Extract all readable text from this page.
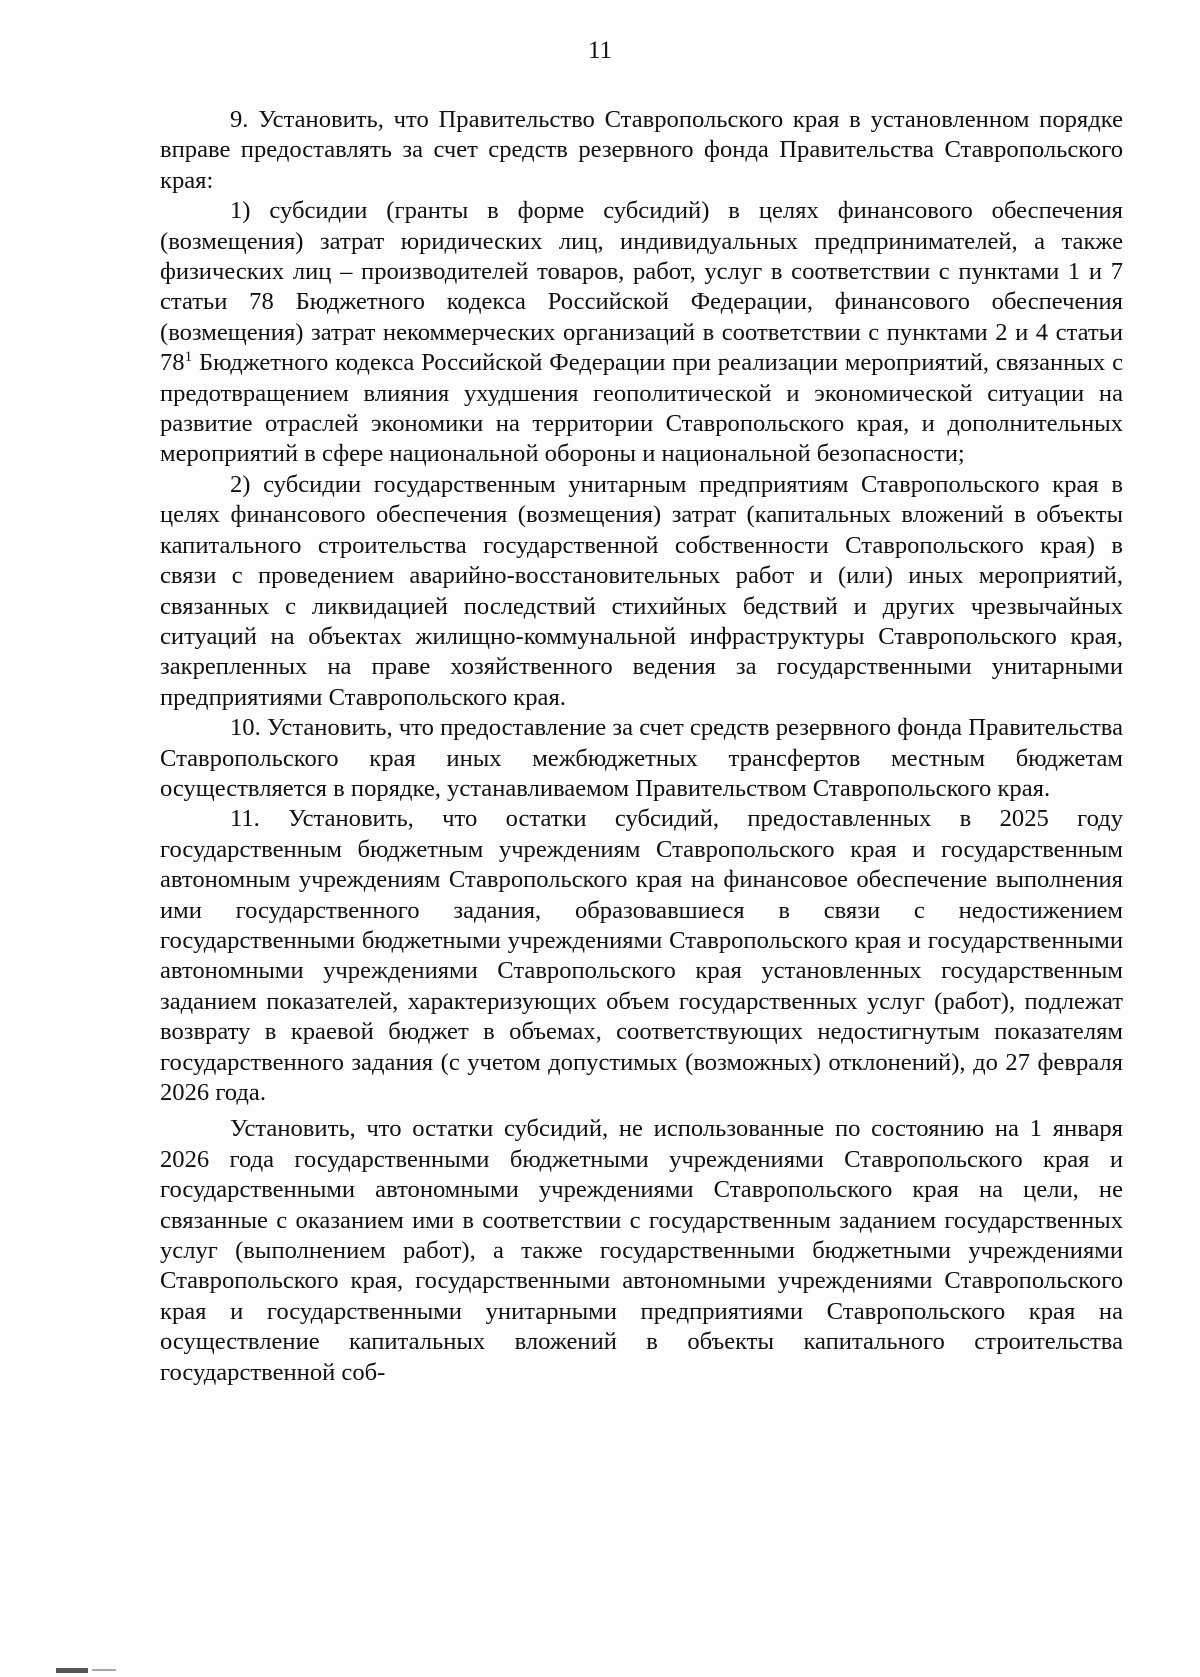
11

9. Установить, что Правительство Ставропольского края в установленном порядке вправе предоставлять за счет средств резервного фонда Правительства Ставропольского края:

1) субсидии (гранты в форме субсидий) в целях финансового обеспечения (возмещения) затрат юридических лиц, индивидуальных предпринимателей, а также физических лиц – производителей товаров, работ, услуг в соответствии с пунктами 1 и 7 статьи 78 Бюджетного кодекса Российской Федерации, финансового обеспечения (возмещения) затрат некоммерческих организаций в соответствии с пунктами 2 и 4 статьи $78^1$ Бюджетного кодекса Российской Федерации при реализации мероприятий, связанных с предотвращением влияния ухудшения геополитической и экономической ситуации на развитие отраслей экономики на территории Ставропольского края, и дополнительных мероприятий в сфере национальной обороны и национальной безопасности;

2) субсидии государственным унитарным предприятиям Ставропольского края в целях финансового обеспечения (возмещения) затрат (капитальных вложений в объекты капитального строительства государственной собственности Ставропольского края) в связи с проведением аварийно-восстановительных работ и (или) иных мероприятий, связанных с ликвидацией последствий стихийных бедствий и других чрезвычайных ситуаций на объектах жилищно-коммунальной инфраструктуры Ставропольского края, закрепленных на праве хозяйственного ведения за государственными унитарными предприятиями Ставропольского края.

10. Установить, что предоставление за счет средств резервного фонда Правительства Ставропольского края иных межбюджетных трансфертов местным бюджетам осуществляется в порядке, устанавливаемом Правительством Ставропольского края.

11. Установить, что остатки субсидий, предоставленных в 2025 году государственным бюджетным учреждениям Ставропольского края и государственным автономным учреждениям Ставропольского края на финансовое обеспечение выполнения ими государственного задания, образовавшиеся в связи с недостижением государственными бюджетными учреждениями Ставропольского края и государственными автономными учреждениями Ставропольского края установленных государственным заданием показателей, характеризующих объем государственных услуг (работ), подлежат возврату в краевой бюджет в объемах, соответствующих недостигнутым показателям государственного задания (с учетом допустимых (возможных) отклонений), до 27 февраля 2026 года.

Установить, что остатки субсидий, не использованные по состоянию на 1 января 2026 года государственными бюджетными учреждениями Ставропольского края и государственными автономными учреждениями Ставропольского края на цели, не связанные с оказанием ими в соответствии с государственным заданием государственных услуг (выполнением работ), а также государственными бюджетными учреждениями Ставропольского края, государственными автономными учреждениями Ставропольского края и государственными унитарными предприятиями Ставропольского края на осуществление капитальных вложений в объекты капитального строительства государственной соб-
